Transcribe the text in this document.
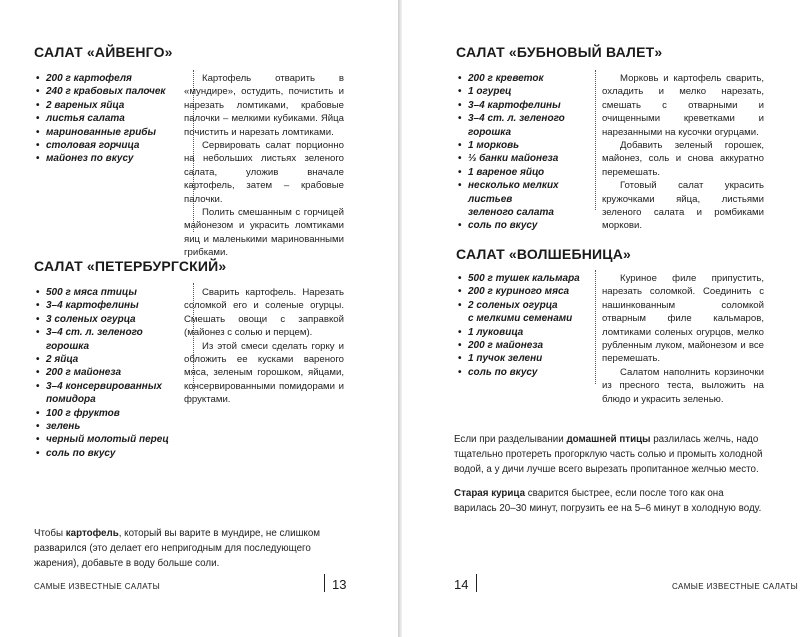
САЛАТ «АЙВЕНГО»
• 200 г картофеля
• 240 г крабовых палочек
• 2 вареных яйца
• листья салата
• маринованные грибы
• столовая горчица
• майонез по вкусу

Картофель отварить в «мундире», остудить, почистить и нарезать ломтиками, крабовые палочки – мелкими кубиками. Яйца почистить и нарезать ломтиками.

Сервировать салат порционно на небольших листьях зеленого салата, уложив вначале картофель, затем – крабовые палочки.

Полить смешанным с горчицей майонезом и украсить ломтиками яиц и маленькими маринованными грибками.

САЛАТ «ПЕТЕРБУРГСКИЙ»
• 500 г мяса птицы
• 3–4 картофелины
• 3 соленых огурца
• 3–4 ст. л. зеленого
горошка
• 2 яйца
• 200 г майонеза
• 3–4 консервированных
помидора
• 100 г фруктов
• зелень
• черный молотый перец
• соль по вкусу

Сварить картофель. Нарезать соломкой его и соленые огурцы. Смешать овощи с заправкой (майонез с солью и перцем).

Из этой смеси сделать горку и обложить ее кусками вареного мяса, зеленым горошком, яйцами, консервированными помидорами и фруктами.

Чтобы картофель, который вы варите в мундире, не слишком разварился (это делает его непригодным для последующего жарения), добавьте в воду больше соли.

САМЫЕ ИЗВЕСТНЫЕ САЛАТЫ	13
САЛАТ «БУБНОВЫЙ ВАЛЕТ»
• 200 г креветок
• 1 огурец
• 3–4 картофелины
• 3–4 ст. л. зеленого
горошка
• 1 морковь
• ⅓ банки майонеза
• 1 вареное яйцо
• несколько мелких листьев
зеленого салата
• соль по вкусу

Морковь и картофель сварить, охладить и мелко нарезать, смешать с отварными и очищенными креветками и нарезанными на кусочки огурцами.

Добавить зеленый горошек, майонез, соль и снова аккуратно перемешать.

Готовый салат украсить кружочками яйца, листьями зеленого салата и ромбиками моркови.

САЛАТ «ВОЛШЕБНИЦА»
• 500 г тушек кальмара
• 200 г куриного мяса
• 2 соленых огурца
с мелкими семенами
• 1 луковица
• 200 г майонеза
• 1 пучок зелени
• соль по вкусу

Куриное филе припустить, нарезать соломкой. Соединить с нашинкованным соломкой отварным филе кальмаров, ломтиками соленых огурцов, мелко рубленным луком, майонезом и все перемешать.

Салатом наполнить корзиночки из пресного теста, выложить на блюдо и украсить зеленью.

Если при разделывании домашней птицы разлилась желчь, надо тщательно протереть прогорклую часть солью и промыть холодной водой, а у дичи лучше всего вырезать пропитанное желчью место.

Старая курица сварится быстрее, если после того как она варилась 20–30 минут, погрузить ее на 5–6 минут в холодную воду.

14	САМЫЕ ИЗВЕСТНЫЕ САЛАТЫ
